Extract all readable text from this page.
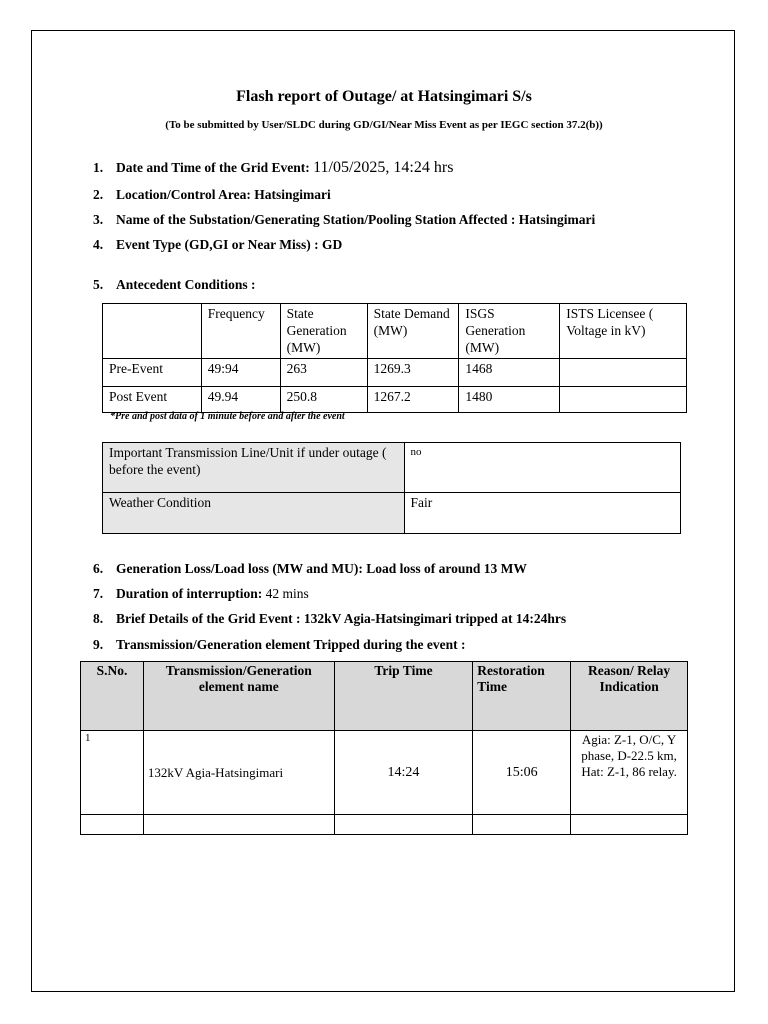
Flash report of Outage/ at Hatsingimari S/s
(To be submitted by User/SLDC during GD/GI/Near Miss Event as per IEGC section 37.2(b))
1. Date and Time of the Grid Event: 11/05/2025, 14:24 hrs
2. Location/Control Area: Hatsingimari
3. Name of the Substation/Generating Station/Pooling Station Affected : Hatsingimari
4. Event Type (GD,GI or Near Miss) : GD
5. Antecedent Conditions :
	Frequency	State Generation (MW)	State Demand (MW)	ISGS Generation (MW)	ISTS Licensee ( Voltage in kV)
Pre-Event	49:94	263	1269.3	1468	
Post Event	49.94	250.8	1267.2	1480	
*Pre and post data of 1 minute before and after the event
Important Transmission Line/Unit if under outage ( before the event)	no
Weather Condition	Fair
6. Generation Loss/Load loss (MW and MU): Load loss of around 13 MW
7. Duration of interruption: 42 mins
8. Brief Details of the Grid Event : 132kV Agia-Hatsingimari tripped at 14:24hrs
9. Transmission/Generation element Tripped during the event :
S.No.	Transmission/Generation element name	Trip Time	Restoration Time	Reason/ Relay Indication
1	132kV Agia-Hatsingimari	14:24	15:06	Agia: Z-1, O/C, Y phase, D-22.5 km, Hat: Z-1, 86 relay.
